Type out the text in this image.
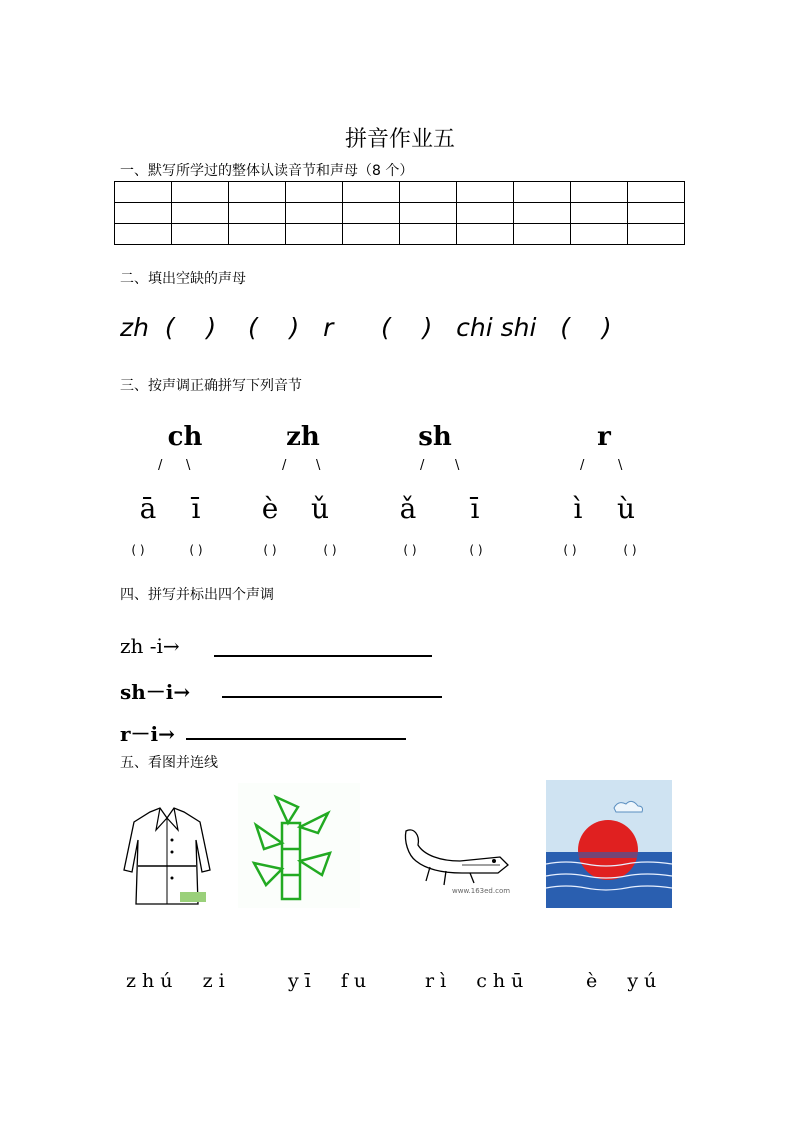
拼音作业五
一、默写所学过的整体认读音节和声母（8 个）

二、填出空缺的声母
zh  (    )    (    )   r      (    )   chi shi   (    )
三、按声调正确拼写下列音节
ch
/ \
ā	ī
( )	( )
zh
/ \
è	ǔ
( )	( )
sh
/ \
ǎ	ī
( )	( )
r
/	\
ì	ù
( )	( )
四、拼写并标出四个声调
zh -i→
sh－i→
r－i→
五、看图并连线
www.163ed.com
zhú  zi	yī  fu	rì  chū	è  yú
